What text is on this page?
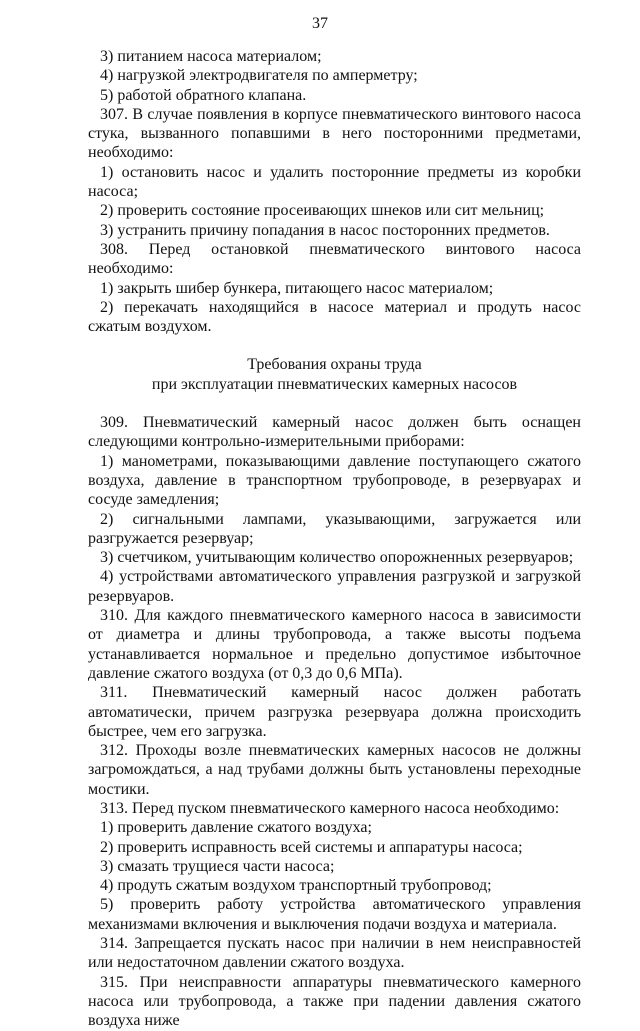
37

3) питанием насоса материалом;

4) нагрузкой электродвигателя по амперметру;

5) работой обратного клапана.

307. В случае появления в корпусе пневматического винтового насоса стука, вызванного попавшими в него посторонними предметами, необходимо:

1) остановить насос и удалить посторонние предметы из коробки насоса;

2) проверить состояние просеивающих шнеков или сит мельниц;

3) устранить причину попадания в насос посторонних предметов.

308. Перед остановкой пневматического винтового насоса необходимо:

1) закрыть шибер бункера, питающего насос материалом;

2) перекачать находящийся в насосе материал и продуть насос сжатым воздухом.

Требования охраны труда

при эксплуатации пневматических камерных насосов

309. Пневматический камерный насос должен быть оснащен следующими контрольно-измерительными приборами:

1) манометрами, показывающими давление поступающего сжатого воздуха, давление в транспортном трубопроводе, в резервуарах и сосуде замедления;

2) сигнальными лампами, указывающими, загружается или разгружается резервуар;

3) счетчиком, учитывающим количество опорожненных резервуаров;

4) устройствами автоматического управления разгрузкой и загрузкой резервуаров.

310. Для каждого пневматического камерного насоса в зависимости от диаметра и длины трубопровода, а также высоты подъема устанавливается нормальное и предельно допустимое избыточное давление сжатого воздуха (от 0,3 до 0,6 МПа).

311. Пневматический камерный насос должен работать автоматически, причем разгрузка резервуара должна происходить быстрее, чем его загрузка.

312. Проходы возле пневматических камерных насосов не должны загромождаться, а над трубами должны быть установлены переходные мостики.

313. Перед пуском пневматического камерного насоса необходимо:

1) проверить давление сжатого воздуха;

2) проверить исправность всей системы и аппаратуры насоса;

3) смазать трущиеся части насоса;

4) продуть сжатым воздухом транспортный трубопровод;

5) проверить работу устройства автоматического управления механизмами включения и выключения подачи воздуха и материала.

314. Запрещается пускать насос при наличии в нем неисправностей или недостаточном давлении сжатого воздуха.

315. При неисправности аппаратуры пневматического камерного насоса или трубопровода, а также при падении давления сжатого воздуха ниже
